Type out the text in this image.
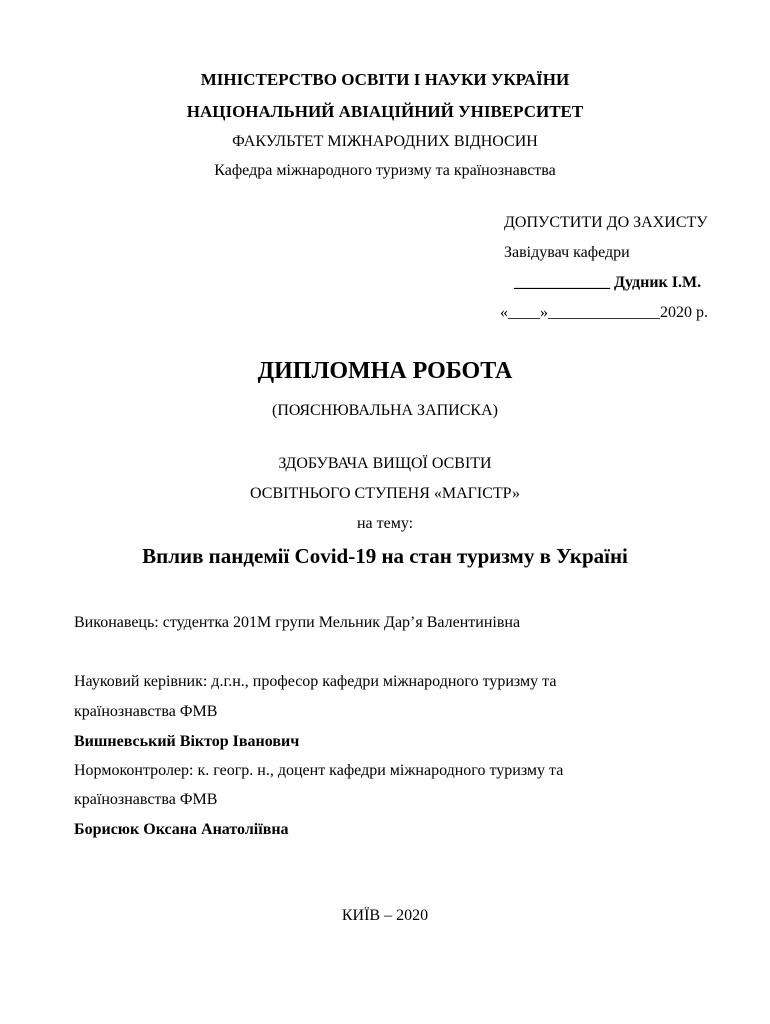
МІНІСТЕРСТВО ОСВІТИ І НАУКИ УКРАЇНИ
НАЦІОНАЛЬНИЙ АВІАЦІЙНИЙ УНІВЕРСИТЕТ
ФАКУЛЬТЕТ МІЖНАРОДНИХ ВІДНОСИН
Кафедра міжнародного туризму та країнознавства
ДОПУСТИТИ ДО ЗАХИСТУ
Завідувач кафедри
____________ Дудник І.М.
«____»______________2020 р.
ДИПЛОМНА РОБОТА
(ПОЯСНЮВАЛЬНА ЗАПИСКА)
ЗДОБУВАЧА ВИЩОЇ ОСВІТИ
ОСВІТНЬОГО СТУПЕНЯ «МАГІСТР»
на тему:
Вплив пандемії Covid-19 на стан туризму в Україні
Виконавець: студентка 201М групи Мельник Дар’я Валентинівна
Науковий керівник: д.г.н., професор кафедри міжнародного туризму та
країнознавства ФМВ
Вишневський Віктор Іванович
Нормоконтролер: к. геогр. н., доцент кафедри міжнародного туризму та
країнознавства ФМВ
Борисюк Оксана Анатоліївна
КИЇВ – 2020
